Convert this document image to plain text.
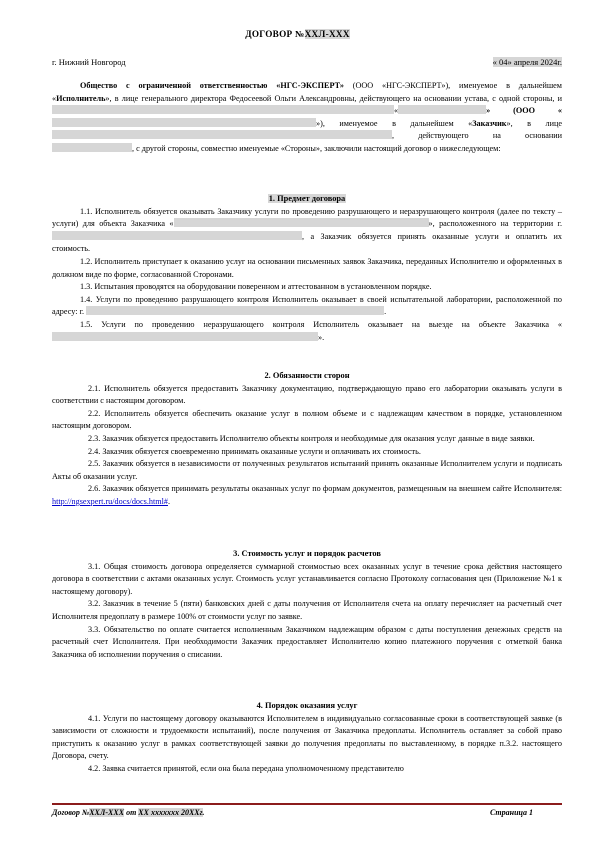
ДОГОВОР №ХХЛ-ХХХ
г. Нижний Новгород	« 04» апреля 2024г.

Общество с ограниченной ответственностью «НГС-ЭКСПЕРТ» (ООО «НГС-ЭКСПЕРТ»), именуемое в дальнейшем «Исполнитель», в лице генерального директора Федосеевой Ольги Александровны, действующего на основании устава, с одной стороны, и «	» (ООО «»), именуемое в дальнейшем «Заказчик», в лице , действующего на основании , с другой стороны, совместно именуемые «Стороны», заключили настоящий договор о нижеследующем:

1. Предмет договора

1.1. Исполнитель обязуется оказывать Заказчику услуги по проведению разрушающего и неразрушающего контроля (далее по тексту – услуги) для объекта Заказчика «	», расположенного на территории г., а Заказчик обязуется принять оказанные услуги и оплатить их стоимость.

1.2. Исполнитель приступает к оказанию услуг на основании письменных заявок Заказчика, переданных Исполнителю и оформленных в должном виде по форме, согласованной Сторонами.

1.3. Испытания проводятся на оборудовании поверенном и аттестованном в установленном порядке.

1.4. Услуги по проведению разрушающего контроля Исполнитель оказывает в своей испытательной лаборатории, расположенной по адресу: г.	.

1.5. Услуги по проведению неразрушающего контроля Исполнитель оказывает на выезде на объекте Заказчика «».

2. Обязанности сторон

2.1. Исполнитель обязуется предоставить Заказчику документацию, подтверждающую право его лаборатории оказывать услуги в соответствии с настоящим договором.

2.2. Исполнитель обязуется обеспечить оказание услуг в полном объеме и с надлежащим качеством в порядке, установленном настоящим договором.

2.3. Заказчик обязуется предоставить Исполнителю объекты контроля и необходимые для оказания услуг данные в виде заявки.

2.4. Заказчик обязуется своевременно принимать оказанные услуги и оплачивать их стоимость.

2.5. Заказчик обязуется в независимости от полученных результатов испытаний принять оказанные Исполнителем услуги и подписать Акты об оказании услуг.

2.6. Заказчик обязуется принимать результаты оказанных услуг по формам документов, размещенным на внешнем сайте Исполнителя: http://ngsexpert.ru/docs/docs.html#.

3. Стоимость услуг и порядок расчетов

3.1. Общая стоимость договора определяется суммарной стоимостью всех оказанных услуг в течение срока действия настоящего договора в соответствии с актами оказанных услуг. Стоимость услуг устанавливается согласно Протоколу согласования цен (Приложение №1 к настоящему договору).

3.2. Заказчик в течение 5 (пяти) банковских дней с даты получения от Исполнителя счета на оплату перечисляет на расчетный счет Исполнителя предоплату в размере 100% от стоимости услуг по заявке.

3.3. Обязательство по оплате считается исполненным Заказчиком надлежащим образом с даты поступления денежных средств на расчетный счет Исполнителя. При необходимости Заказчик предоставляет Исполнителю копию платежного поручения с отметкой банка Заказчика об исполнении поручения о списании.

4. Порядок оказания услуг

4.1. Услуги по настоящему договору оказываются Исполнителем в индивидуально согласованные сроки в соответствующей заявке (в зависимости от сложности и трудоемкости испытаний), после получения от Заказчика предоплаты. Исполнитель оставляет за собой право приступить к оказанию услуг в рамках соответствующей заявки до получения предоплаты по выставленному, в порядке п.3.2. настоящего Договора, счету.

4.2. Заявка считается принятой, если она была передана уполномоченному представителю

Договор №ХХЛ-ХХХ от ХХ ххххххх 20ХХг.	Страница 1
